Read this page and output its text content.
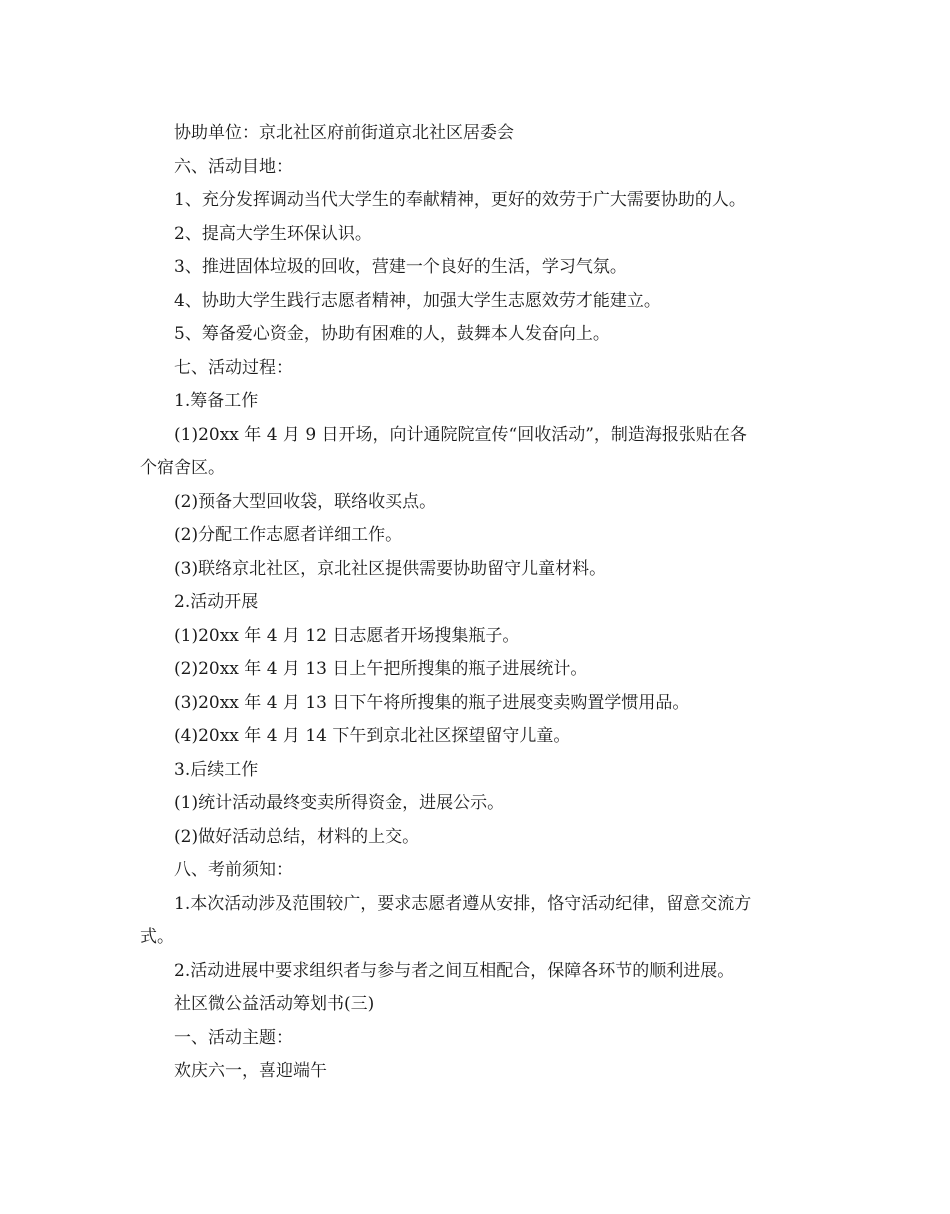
协助单位：京北社区府前街道京北社区居委会
六、活动目地：
1、充分发挥调动当代大学生的奉献精神，更好的效劳于广大需要协助的人。
2、提高大学生环保认识。
3、推进固体垃圾的回收，营建一个良好的生活，学习气氛。
4、协助大学生践行志愿者精神，加强大学生志愿效劳才能建立。
5、筹备爱心资金，协助有困难的人，鼓舞本人发奋向上。
七、活动过程：
1.筹备工作
(1)20xx 年 4 月 9 日开场，向计通院院宣传“回收活动”，制造海报张贴在各
个宿舍区。
(2)预备大型回收袋，联络收买点。
(2)分配工作志愿者详细工作。
(3)联络京北社区，京北社区提供需要协助留守儿童材料。
2.活动开展
(1)20xx 年 4 月 12 日志愿者开场搜集瓶子。
(2)20xx 年 4 月 13 日上午把所搜集的瓶子进展统计。
(3)20xx 年 4 月 13 日下午将所搜集的瓶子进展变卖购置学惯用品。
(4)20xx 年 4 月 14 下午到京北社区探望留守儿童。
3.后续工作
(1)统计活动最终变卖所得资金，进展公示。
(2)做好活动总结，材料的上交。
八、考前须知：
1.本次活动涉及范围较广，要求志愿者遵从安排，恪守活动纪律，留意交流方
式。
2.活动进展中要求组织者与参与者之间互相配合，保障各环节的顺利进展。
社区微公益活动筹划书(三)
一、活动主题：
欢庆六一，喜迎端午
